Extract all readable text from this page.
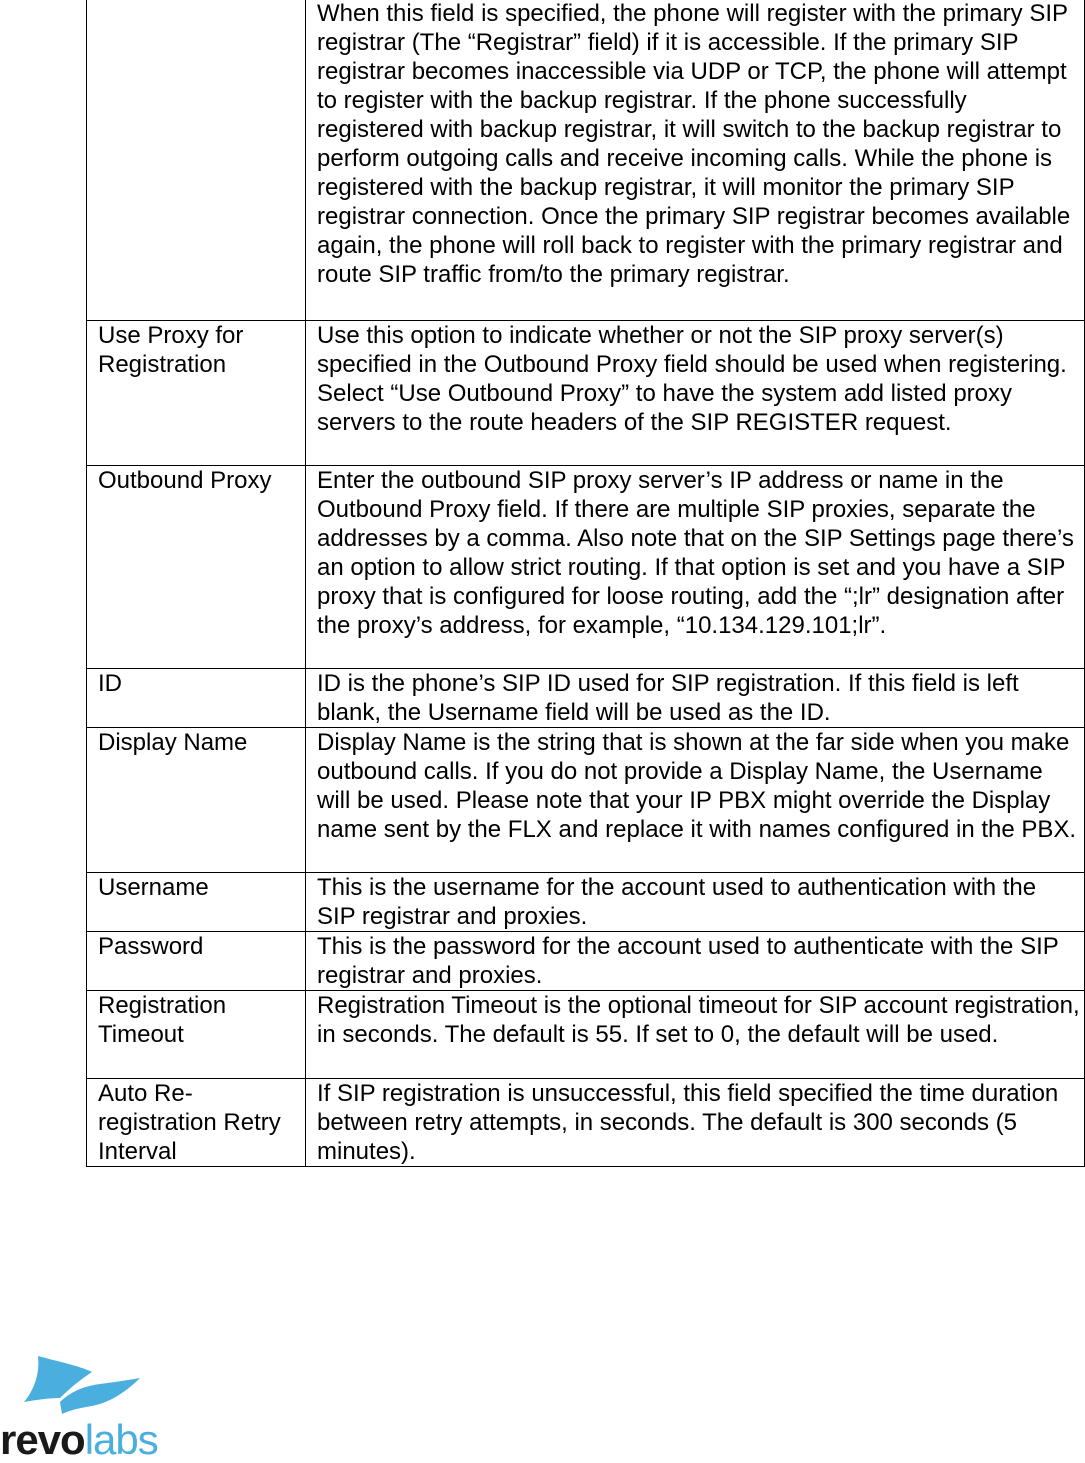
	When this field is specified, the phone will register with the primary SIP registrar (The “Registrar” field) if it is accessible. If the primary SIP registrar becomes inaccessible via UDP or TCP, the phone will attempt to register with the backup registrar. If the phone successfully registered with backup registrar, it will switch to the backup registrar to perform outgoing calls and receive incoming calls. While the phone is registered with the backup registrar, it will monitor the primary SIP registrar connection. Once the primary SIP registrar becomes available again, the phone will roll back to register with the primary registrar and route SIP traffic from/to the primary registrar.
Use Proxy for Registration	Use this option to indicate whether or not the SIP proxy server(s) specified in the Outbound Proxy field should be used when registering. Select “Use Outbound Proxy” to have the system add listed proxy servers to the route headers of the SIP REGISTER request.
Outbound Proxy	Enter the outbound SIP proxy server’s IP address or name in the Outbound Proxy field. If there are multiple SIP proxies, separate the addresses by a comma. Also note that on the SIP Settings page there’s an option to allow strict routing. If that option is set and you have a SIP proxy that is configured for loose routing, add the “;lr” designation after the proxy’s address, for example, “10.134.129.101;lr”.
ID	ID is the phone’s SIP ID used for SIP registration. If this field is left blank, the Username field will be used as the ID.
Display Name	Display Name is the string that is shown at the far side when you make outbound calls. If you do not provide a Display Name, the Username will be used. Please note that your IP PBX might override the Display name sent by the FLX and replace it with names configured in the PBX.
Username	This is the username for the account used to authentication with the SIP registrar and proxies.
Password	This is the password for the account used to authenticate with the SIP registrar and proxies.
Registration Timeout	Registration Timeout is the optional timeout for SIP account registration, in seconds. The default is 55. If set to 0, the default will be used.
Auto Re-registration Retry Interval	If SIP registration is unsuccessful, this field specified the time duration between retry attempts, in seconds. The default is 300 seconds (5 minutes).
revolabs
